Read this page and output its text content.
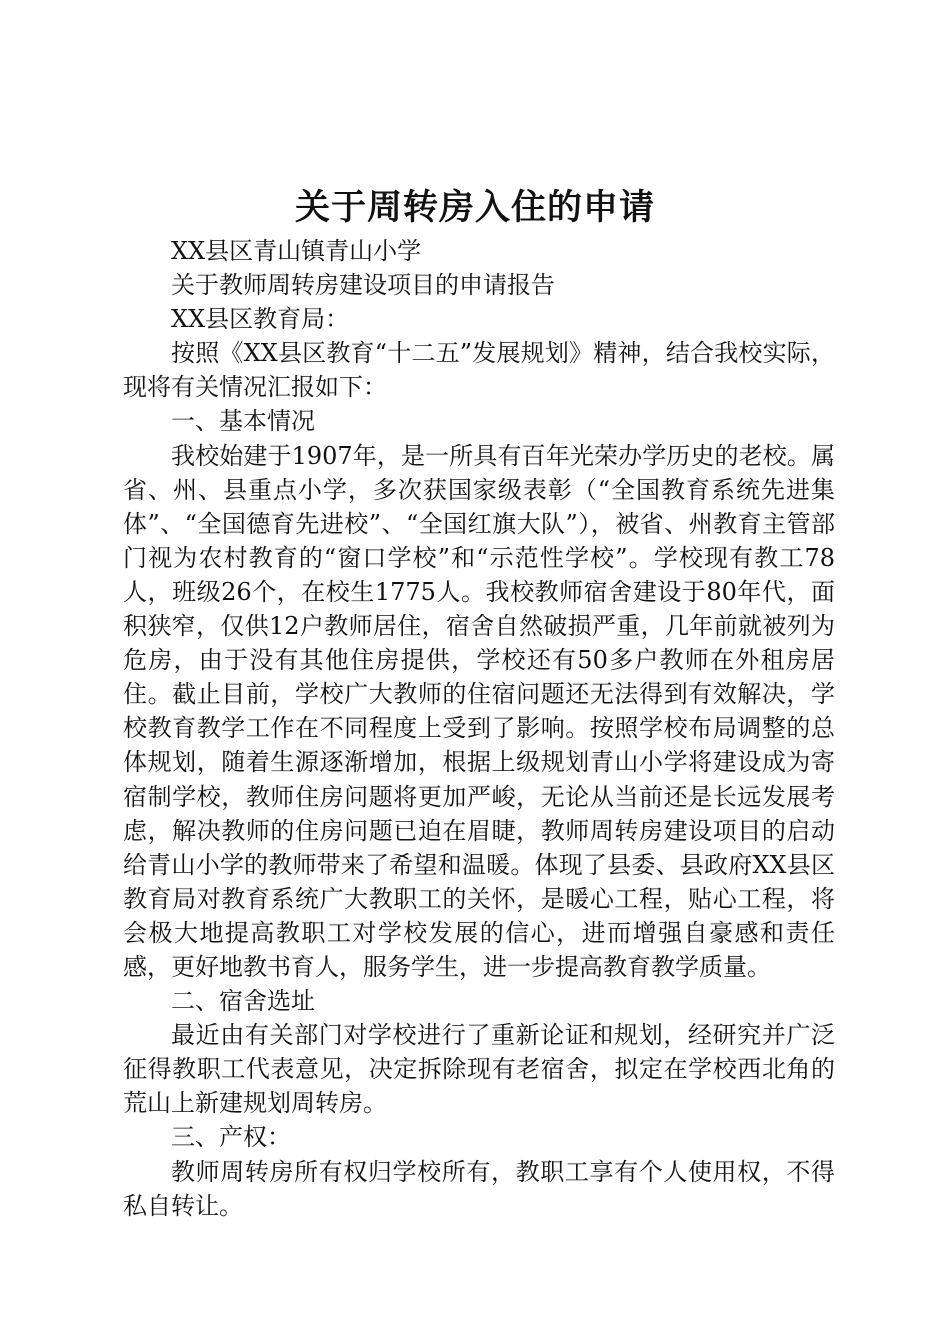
关于周转房入住的申请

XX县区青山镇青山小学

关于教师周转房建设项目的申请报告

XX县区教育局：

按照《XX县区教育“十二五”发展规划》精神，结合我校实际，现将有关情况汇报如下：

一、基本情况

我校始建于1907年，是一所具有百年光荣办学历史的老校。属省、州、县重点小学，多次获国家级表彰（“全国教育系统先进集体”、“全国德育先进校”、“全国红旗大队”），被省、州教育主管部门视为农村教育的“窗口学校”和“示范性学校”。学校现有教工78人，班级26个，在校生1775人。我校教师宿舍建设于80年代，面积狭窄，仅供12户教师居住，宿舍自然破损严重，几年前就被列为危房，由于没有其他住房提供，学校还有50多户教师在外租房居住。截止目前，学校广大教师的住宿问题还无法得到有效解决，学校教育教学工作在不同程度上受到了影响。按照学校布局调整的总体规划，随着生源逐渐增加，根据上级规划青山小学将建设成为寄宿制学校，教师住房问题将更加严峻，无论从当前还是长远发展考虑，解决教师的住房问题已迫在眉睫，教师周转房建设项目的启动给青山小学的教师带来了希望和温暖。体现了县委、县政府XX县区教育局对教育系统广大教职工的关怀，是暖心工程，贴心工程，将会极大地提高教职工对学校发展的信心，进而增强自豪感和责任感，更好地教书育人，服务学生，进一步提高教育教学质量。

二、宿舍选址

最近由有关部门对学校进行了重新论证和规划，经研究并广泛征得教职工代表意见，决定拆除现有老宿舍，拟定在学校西北角的荒山上新建规划周转房。

三、产权：

教师周转房所有权归学校所有，教职工享有个人使用权，不得私自转让。
